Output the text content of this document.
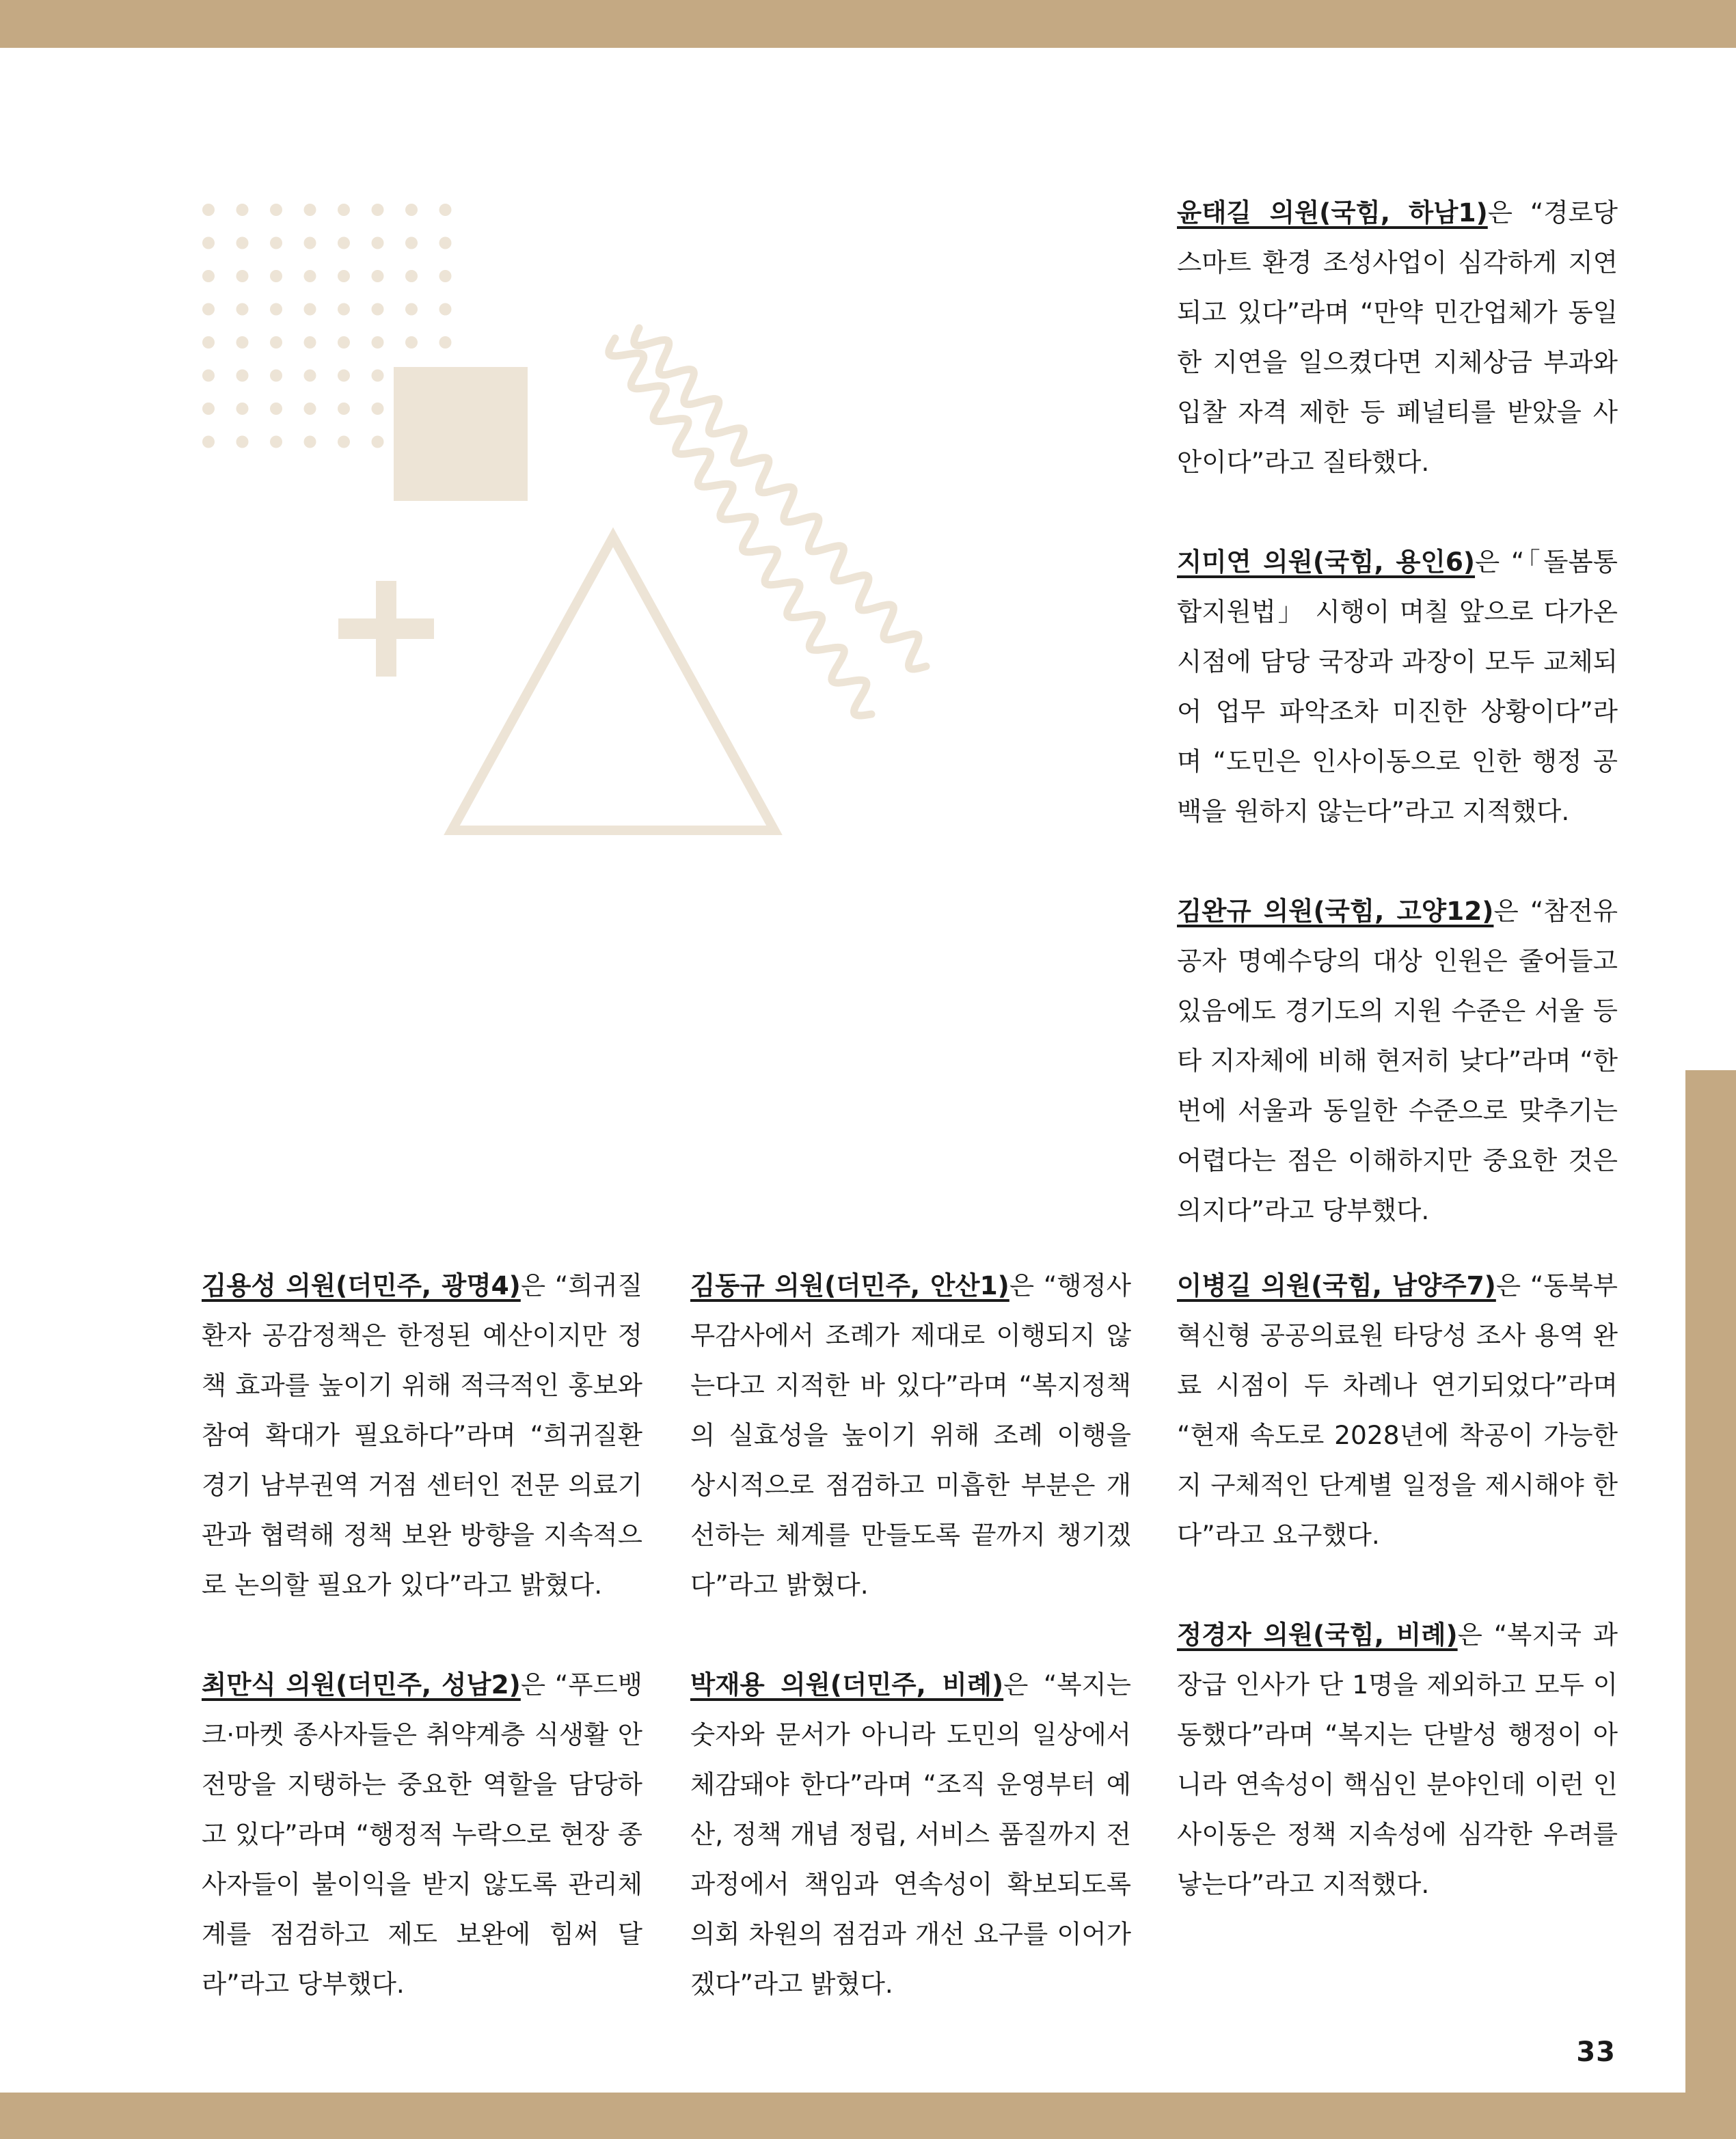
윤태길 의원(국힘, 하남1)은 “경로당 스마트 환경 조성사업이 심각하게 지연되고 있다”라며 “만약 민간업체가 동일한 지연을 일으켰다면 지체상금 부과와 입찰 자격 제한 등 페널티를 받았을 사안이다”라고 질타했다.

지미연 의원(국힘, 용인6)은 “「돌봄통합지원법」 시행이 며칠 앞으로 다가온 시점에 담당 국장과 과장이 모두 교체되어 업무 파악조차 미진한 상황이다”라며 “도민은 인사이동으로 인한 행정 공백을 원하지 않는다”라고 지적했다.

김완규 의원(국힘, 고양12)은 “참전유공자 명예수당의 대상 인원은 줄어들고 있음에도 경기도의 지원 수준은 서울 등 타 지자체에 비해 현저히 낮다”라며 “한 번에 서울과 동일한 수준으로 맞추기는 어렵다는 점은 이해하지만 중요한 것은 의지다”라고 당부했다.

김용성 의원(더민주, 광명4)은 “희귀질환자 공감정책은 한정된 예산이지만 정책 효과를 높이기 위해 적극적인 홍보와 참여 확대가 필요하다”라며 “희귀질환 경기 남부권역 거점 센터인 전문 의료기관과 협력해 정책 보완 방향을 지속적으로 논의할 필요가 있다”라고 밝혔다.

최만식 의원(더민주, 성남2)은 “푸드뱅크·마켓 종사자들은 취약계층 식생활 안전망을 지탱하는 중요한 역할을 담당하고 있다”라며 “행정적 누락으로 현장 종사자들이 불이익을 받지 않도록 관리체계를 점검하고 제도 보완에 힘써 달라”라고 당부했다.

김동규 의원(더민주, 안산1)은 “행정사무감사에서 조례가 제대로 이행되지 않는다고 지적한 바 있다”라며 “복지정책의 실효성을 높이기 위해 조례 이행을 상시적으로 점검하고 미흡한 부분은 개선하는 체계를 만들도록 끝까지 챙기겠다”라고 밝혔다.

박재용 의원(더민주, 비례)은 “복지는 숫자와 문서가 아니라 도민의 일상에서 체감돼야 한다”라며 “조직 운영부터 예산, 정책 개념 정립, 서비스 품질까지 전 과정에서 책임과 연속성이 확보되도록 의회 차원의 점검과 개선 요구를 이어가겠다”라고 밝혔다.

이병길 의원(국힘, 남양주7)은 “동북부 혁신형 공공의료원 타당성 조사 용역 완료 시점이 두 차례나 연기되었다”라며 “현재 속도로 2028년에 착공이 가능한지 구체적인 단계별 일정을 제시해야 한다”라고 요구했다.

정경자 의원(국힘, 비례)은 “복지국 과장급 인사가 단 1명을 제외하고 모두 이동했다”라며 “복지는 단발성 행정이 아니라 연속성이 핵심인 분야인데 이런 인사이동은 정책 지속성에 심각한 우려를 낳는다”라고 지적했다.

33
